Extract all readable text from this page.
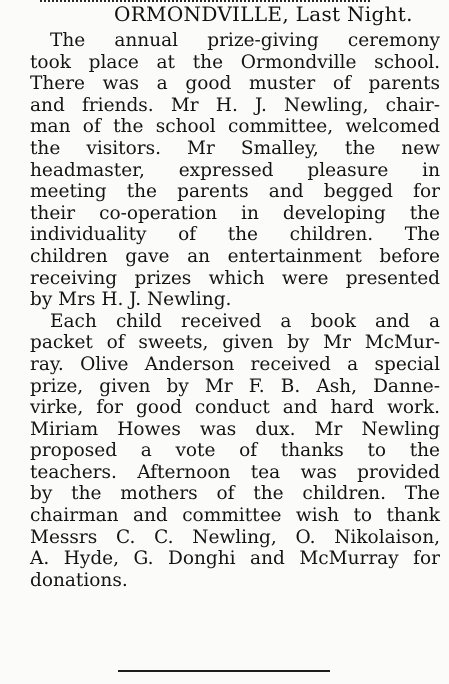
ORMONDVILLE, Last Night.

The annual prize-giving ceremony
took place at the Ormondville school.
There was a good muster of parents
and friends. Mr H. J. Newling, chair-
man of the school committee, welcomed
the visitors. Mr Smalley, the new
headmaster, expressed pleasure in
meeting the parents and begged for
their co-operation in developing the
individuality of the children. The
children gave an entertainment before
receiving prizes which were presented
by Mrs H. J. Newling.

Each child received a book and a
packet of sweets, given by Mr McMur-
ray. Olive Anderson received a special
prize, given by Mr F. B. Ash, Danne-
virke, for good conduct and hard work.
Miriam Howes was dux. Mr Newling
proposed a vote of thanks to the
teachers. Afternoon tea was provided
by the mothers of the children. The
chairman and committee wish to thank
Messrs C. C. Newling, O. Nikolaison,
A. Hyde, G. Donghi and McMurray for
donations.
